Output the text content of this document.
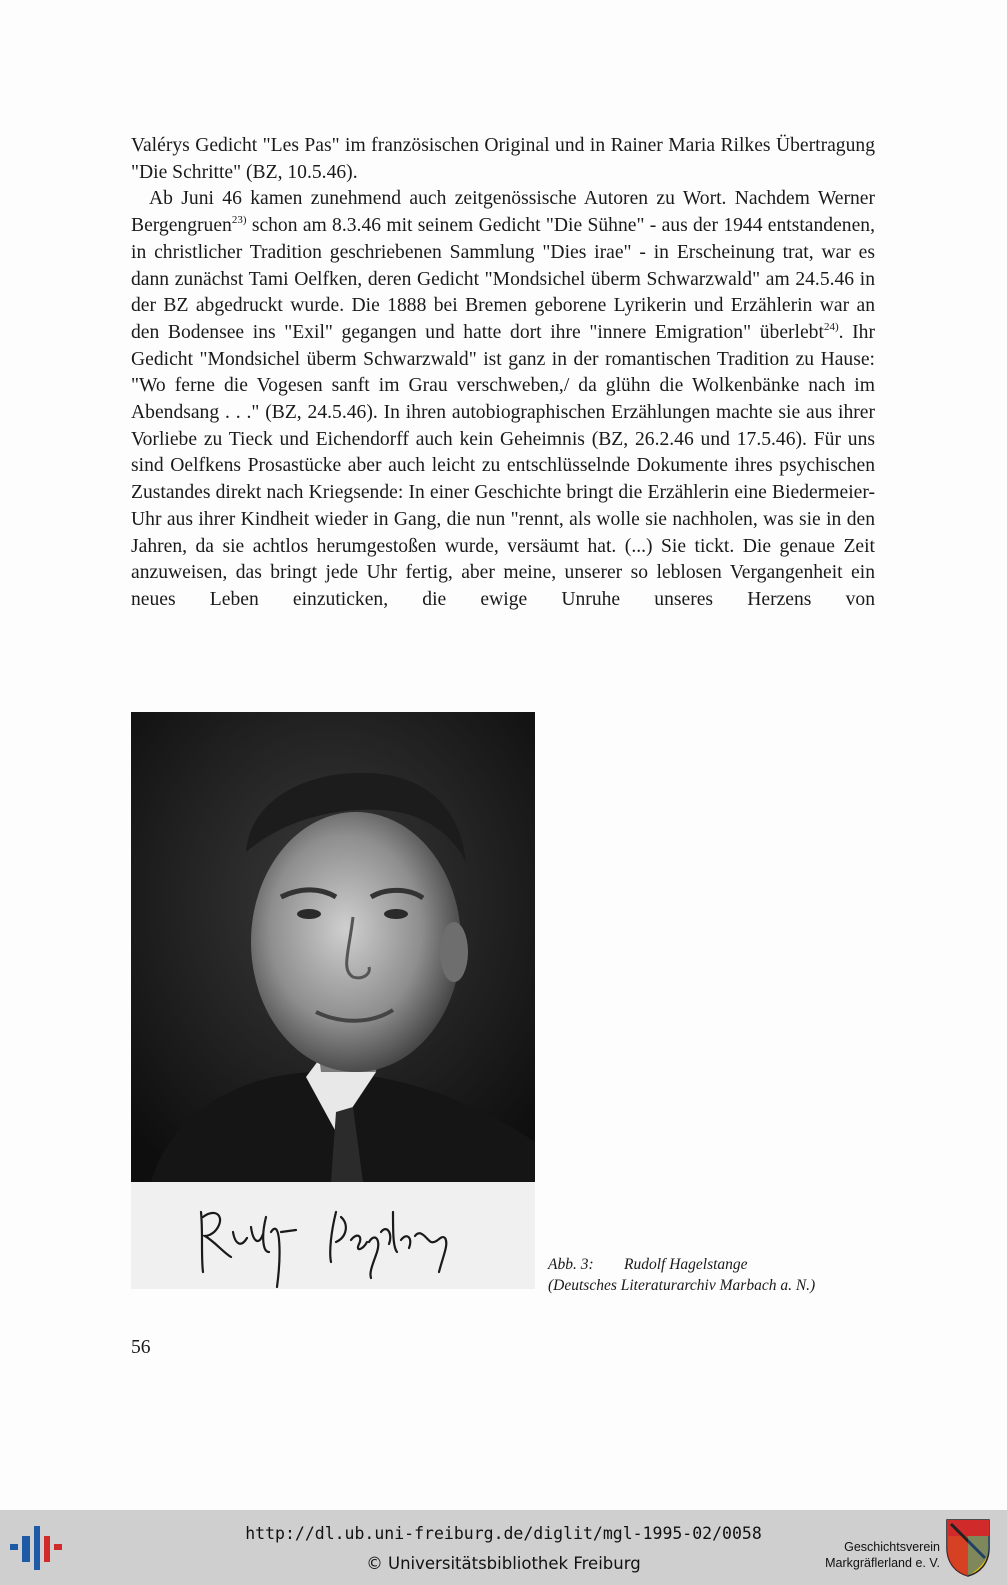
Valérys Gedicht "Les Pas" im französischen Original und in Rainer Maria Rilkes Übertragung "Die Schritte" (BZ, 10.5.46).

Ab Juni 46 kamen zunehmend auch zeitgenössische Autoren zu Wort. Nachdem Werner Bergengruen$^{23)}$ schon am 8.3.46 mit seinem Gedicht "Die Sühne" - aus der 1944 entstandenen, in christlicher Tradition geschriebenen Sammlung "Dies irae" - in Erscheinung trat, war es dann zunächst Tami Oelfken, deren Gedicht "Mondsichel überm Schwarzwald" am 24.5.46 in der BZ abgedruckt wurde. Die 1888 bei Bremen geborene Lyrikerin und Erzählerin war an den Bodensee ins "Exil" gegangen und hatte dort ihre "innere Emigration" überlebt$^{24)}$. Ihr Gedicht "Mondsichel überm Schwarzwald" ist ganz in der romantischen Tradition zu Hause: "Wo ferne die Vogesen sanft im Grau verschweben,/ da glühn die Wolkenbänke nach im Abendsang . . ." (BZ, 24.5.46). In ihren autobiographischen Erzählungen machte sie aus ihrer Vorliebe zu Tieck und Eichendorff auch kein Geheimnis (BZ, 26.2.46 und 17.5.46). Für uns sind Oelfkens Prosastücke aber auch leicht zu entschlüsselnde Dokumente ihres psychischen Zustandes direkt nach Kriegsende: In einer Geschichte bringt die Erzählerin eine Biedermeier-Uhr aus ihrer Kindheit wieder in Gang, die nun "rennt, als wolle sie nachholen, was sie in den Jahren, da sie achtlos herumgestoßen wurde, versäumt hat. (...) Sie tickt. Die genaue Zeit anzuweisen, das bringt jede Uhr fertig, aber meine, unserer so leblosen Vergangenheit ein neues Leben einzuticken, die ewige Unruhe unseres Herzens von

Abb. 3: Rudolf Hagelstange
(Deutsches Literaturarchiv Marbach a. N.)
56
http://dl.ub.uni-freiburg.de/diglit/mgl-1995-02/0058
© Universitätsbibliothek Freiburg
Geschichtsverein
Markgräflerland e. V.
